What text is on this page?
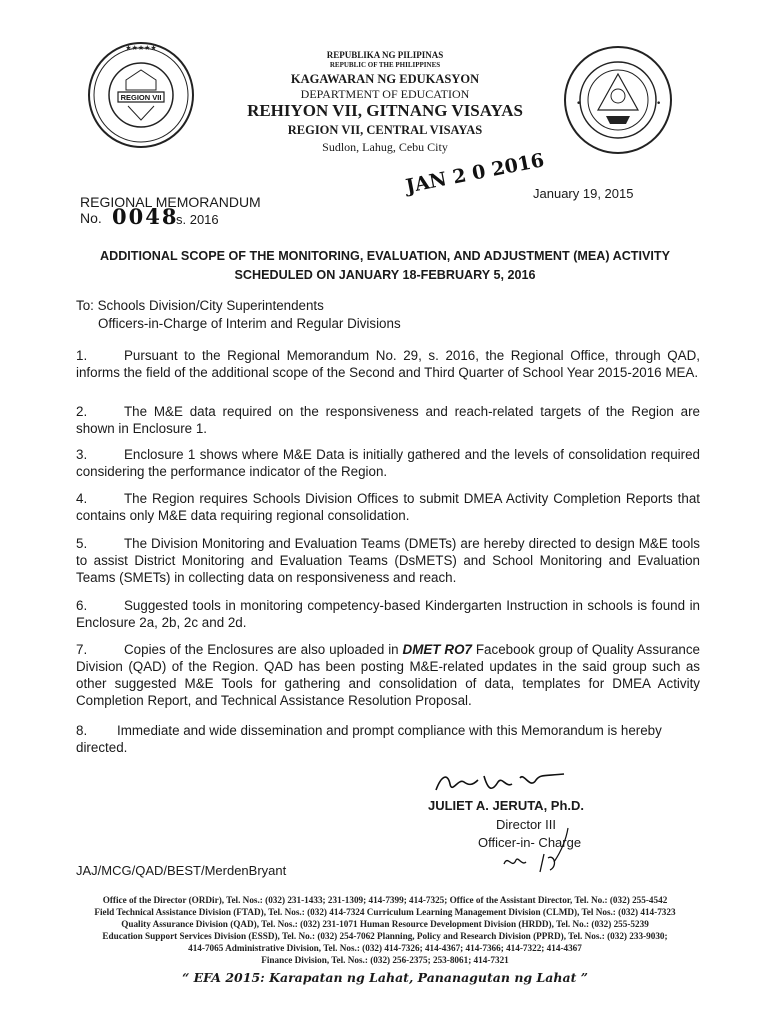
★★★★★
REGION VII
•	•
REPUBLIKA NG PILIPINAS
REPUBLIC OF THE PHILIPPINES
KAGAWARAN NG EDUKASYON
DEPARTMENT OF EDUCATION
REHIYON VII, GITNANG VISAYAS
REGION VII, CENTRAL VISAYAS
Sudlon, Lahug, Cebu City
REGIONAL MEMORANDUM
No. 0048
s. 2016
JAN 2 0 2016
January 19, 2015
ADDITIONAL SCOPE OF THE MONITORING, EVALUATION, AND ADJUSTMENT (MEA) ACTIVITY
SCHEDULED ON JANUARY 18-FEBRUARY 5, 2016
To: Schools Division/City Superintendents
Officers-in-Charge of Interim and Regular Divisions
1.	Pursuant to the Regional Memorandum No. 29, s. 2016, the Regional Office, through QAD, informs the field of the additional scope of the Second and Third Quarter of School Year 2015-2016 MEA.
2.	The M&E data required on the responsiveness and reach-related targets of the Region are shown in Enclosure 1.
3.	Enclosure 1 shows where M&E Data is initially gathered and the levels of consolidation required considering the performance indicator of the Region.
4.	The Region requires Schools Division Offices to submit DMEA Activity Completion Reports that contains only M&E data requiring regional consolidation.
5.	The Division Monitoring and Evaluation Teams (DMETs) are hereby directed to design M&E tools to assist District Monitoring and Evaluation Teams (DsMETS) and School Monitoring and Evaluation Teams (SMETs) in collecting data on responsiveness and reach.
6.	Suggested tools in monitoring competency-based Kindergarten Instruction in schools is found in Enclosure 2a, 2b, 2c and 2d.
7.	Copies of the Enclosures are also uploaded in DMET RO7 Facebook group of Quality Assurance Division (QAD) of the Region. QAD has been posting M&E-related updates in the said group such as other suggested M&E Tools for gathering and consolidation of data, templates for DMEA Activity Completion Report, and Technical Assistance Resolution Proposal.
8. Immediate and wide dissemination and prompt compliance with this Memorandum is hereby directed.
JULIET A. JERUTA, Ph.D.
Director III
Officer-in- Charge
JAJ/MCG/QAD/BEST/MerdenBryant
Office of the Director (ORDir), Tel. Nos.: (032) 231-1433; 231-1309; 414-7399; 414-7325; Office of the Assistant Director, Tel. No.: (032) 255-4542
Field Technical Assistance Division (FTAD), Tel. Nos.: (032) 414-7324 Curriculum Learning Management Division (CLMD), Tel Nos.: (032) 414-7323
Quality Assurance Division (QAD), Tel. Nos.: (032) 231-1071 Human Resource Development Division (HRDD), Tel. No.: (032) 255-5239
Education Support Services Division (ESSD), Tel. No.: (032) 254-7062 Planning, Policy and Research Division (PPRD), Tel. Nos.: (032) 233-9030;
414-7065 Administrative Division, Tel. Nos.: (032) 414-7326; 414-4367; 414-7366; 414-7322; 414-4367
Finance Division, Tel. Nos.: (032) 256-2375; 253-8061; 414-7321
“ EFA 2015: Karapatan ng Lahat, Pananagutan ng Lahat ”
